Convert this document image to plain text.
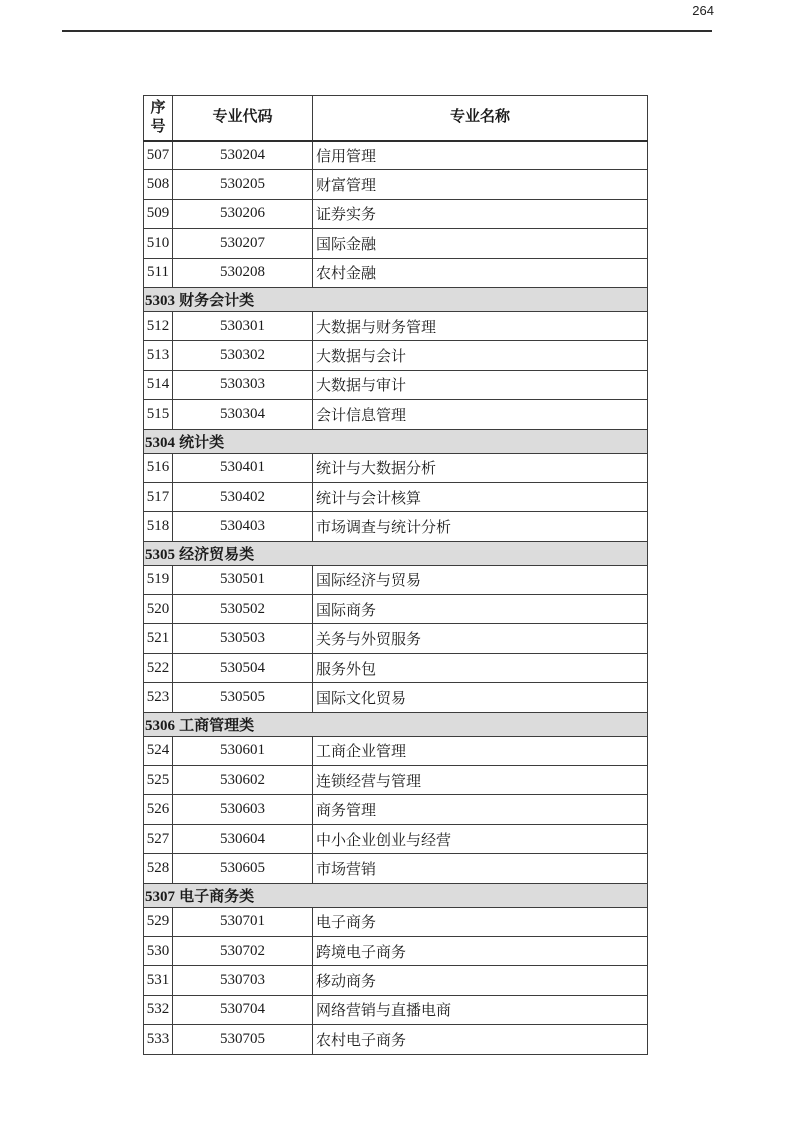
264
序
号	专业代码	专业名称
507	530204	信用管理
508	530205	财富管理
509	530206	证券实务
510	530207	国际金融
511	530208	农村金融
5303 财务会计类		
512	530301	大数据与财务管理
513	530302	大数据与会计
514	530303	大数据与审计
515	530304	会计信息管理
5304 统计类		
516	530401	统计与大数据分析
517	530402	统计与会计核算
518	530403	市场调查与统计分析
5305 经济贸易类		
519	530501	国际经济与贸易
520	530502	国际商务
521	530503	关务与外贸服务
522	530504	服务外包
523	530505	国际文化贸易
5306 工商管理类		
524	530601	工商企业管理
525	530602	连锁经营与管理
526	530603	商务管理
527	530604	中小企业创业与经营
528	530605	市场营销
5307 电子商务类		
529	530701	电子商务
530	530702	跨境电子商务
531	530703	移动商务
532	530704	网络营销与直播电商
533	530705	农村电子商务
